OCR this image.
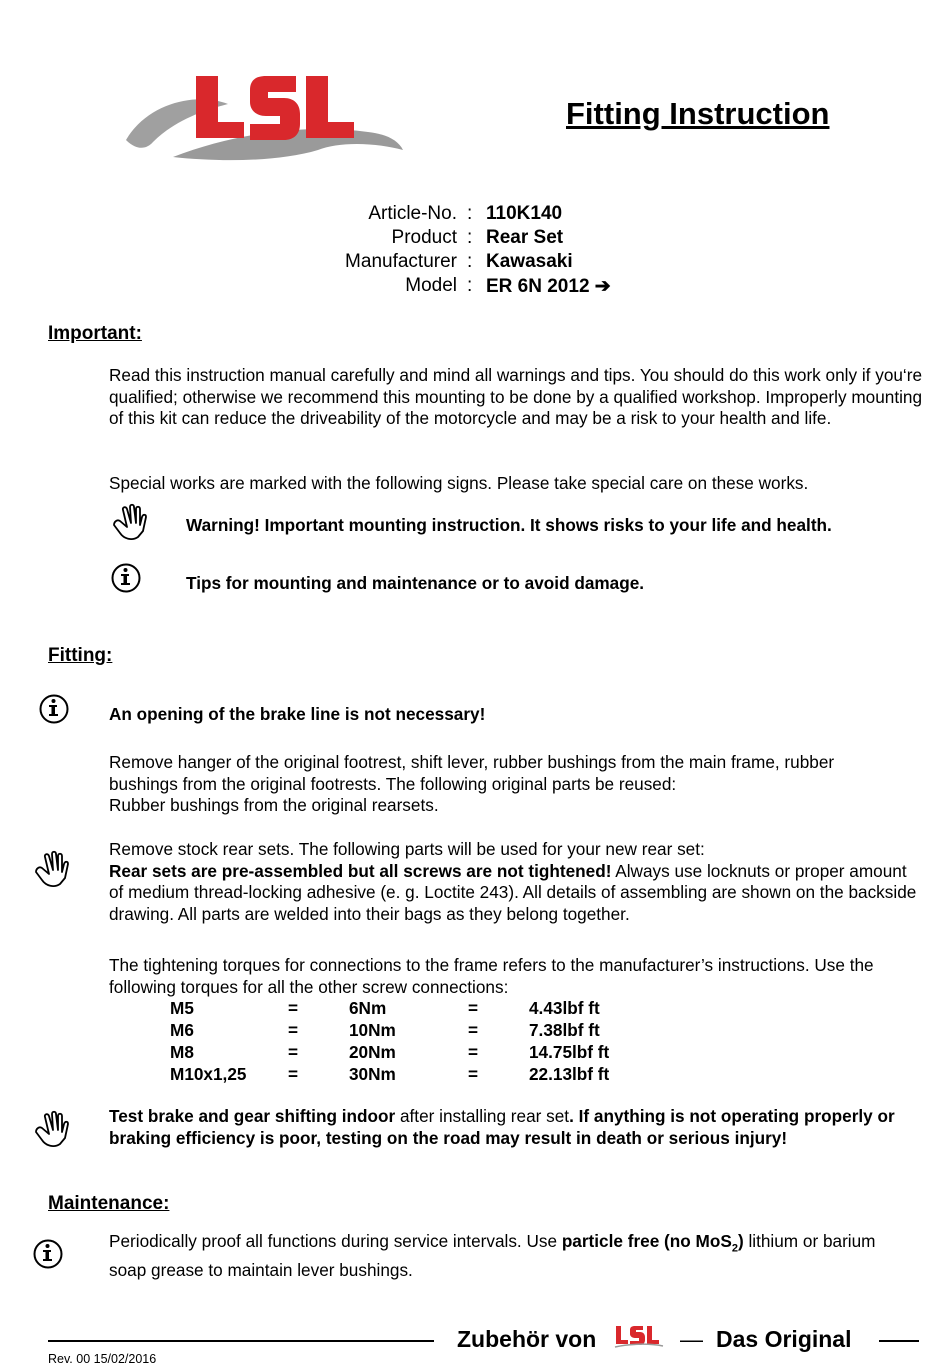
Fitting Instruction
Article-No. : 110K140
Product : Rear Set
Manufacturer : Kawasaki
Model : ER 6N 2012 ➔
Important:
Read this instruction manual carefully and mind all warnings and tips. You should do this work only if you‘re qualified; otherwise we recommend this mounting to be done by a qualified workshop. Improperly mounting of this kit can reduce the driveability of the motorcycle and may be a risk to your health and life.
Special works are marked with the following signs. Please take special care on these works.
Warning! Important mounting instruction. It shows risks to your life and health.
Tips for mounting and maintenance or to avoid damage.
Fitting:
An opening of the brake line is not necessary!
Remove hanger of the original footrest, shift lever, rubber bushings from the main frame, rubber
bushings from the original footrests. The following original parts be reused:
Rubber bushings from the original rearsets.
Remove stock rear sets. The following parts will be used for your new rear set:
Rear sets are pre-assembled but all screws are not tightened! Always use locknuts or proper amount of medium thread-locking adhesive (e. g. Loctite 243). All details of assembling are shown on the backside drawing. All parts are welded into their bags as they belong together.
The tightening torques for connections to the frame refers to the manufacturer’s instructions. Use the following torques for all the other screw connections:
M5	=	6Nm	=	4.43lbf ft
M6	=	10Nm	=	7.38lbf ft
M8	=	20Nm	=	14.75lbf ft
M10x1,25 =	30Nm	=	22.13lbf ft
Test brake and gear shifting indoor after installing rear set. If anything is not operating properly or braking efficiency is poor, testing on the road may result in death or serious injury!
Maintenance:
Periodically proof all functions during service intervals. Use particle free (no MoS$_2$) lithium or barium soap grease to maintain lever bushings.
Zubehör von	— Das Original
Rev. 00 15/02/2016
